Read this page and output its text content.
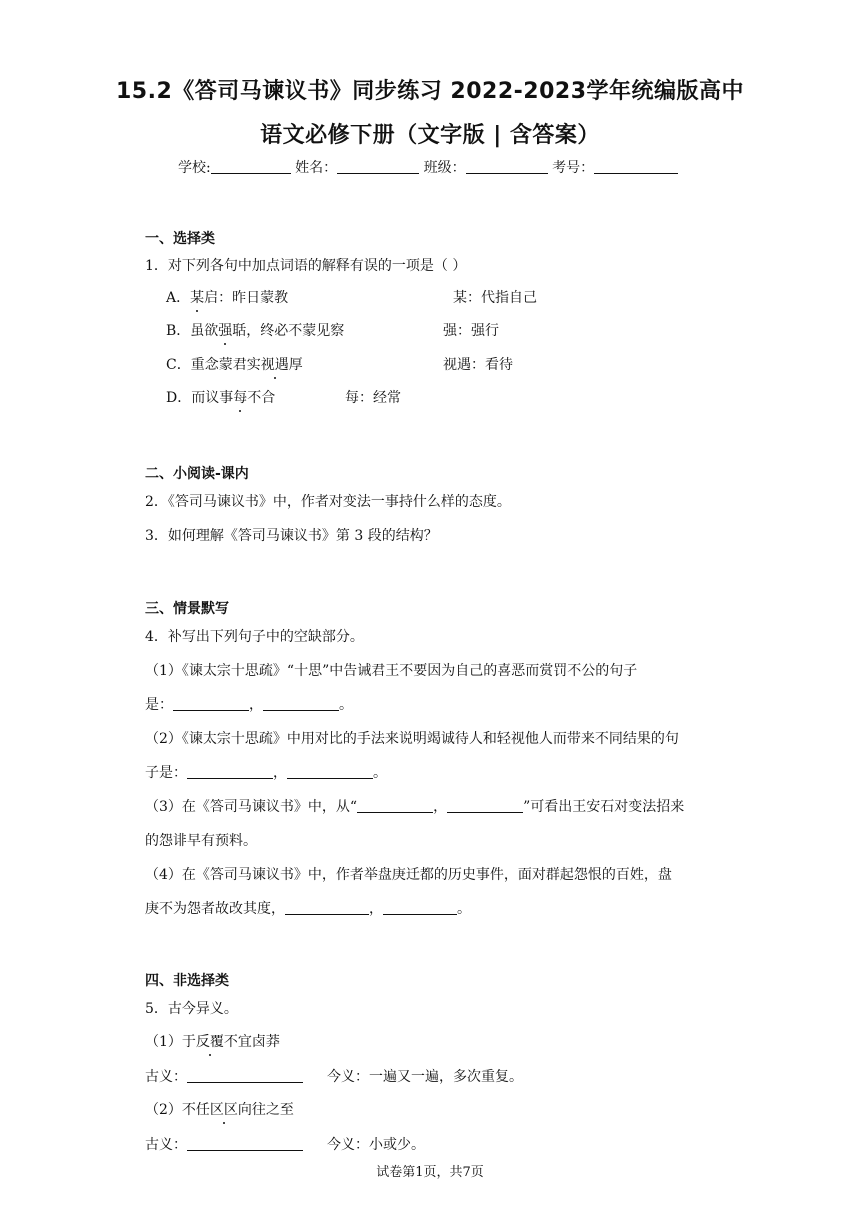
15.2《答司马谏议书》同步练习 2022-2023学年统编版高中
语文必修下册（文字版 | 含答案）
学校:	姓名：	班级：	考号：
一、选择类
1．对下列各句中加点词语的解释有误的一项是（ ）
A．某启：昨日蒙教	某：代指自己
B．虽欲强聒，终必不蒙见察	强：强行
C．重念蒙君实视遇厚	视遇：看待
D．而议事每不合	每：经常
二、小阅读-课内
2．《答司马谏议书》中，作者对变法一事持什么样的态度。
3．如何理解《答司马谏议书》第 3 段的结构？
三、情景默写
4．补写出下列句子中的空缺部分。
（1）《谏太宗十思疏》“十思”中告诫君王不要因为自己的喜恶而赏罚不公的句子
是：	，	。
（2）《谏太宗十思疏》中用对比的手法来说明竭诚待人和轻视他人而带来不同结果的句
子是：	，	。
（3）在《答司马谏议书》中，从“	，	”可看出王安石对变法招来
的怨诽早有预料。
（4）在《答司马谏议书》中，作者举盘庚迁都的历史事件，面对群起怨恨的百姓，盘
庚不为怨者故改其度，	，	。
四、非选择类
5．古今异义。
（1）于反覆不宜卤莽
古义：	今义：一遍又一遍，多次重复。
（2）不任区区向往之至
古义：	今义：小或少。
试卷第1页，共7页
